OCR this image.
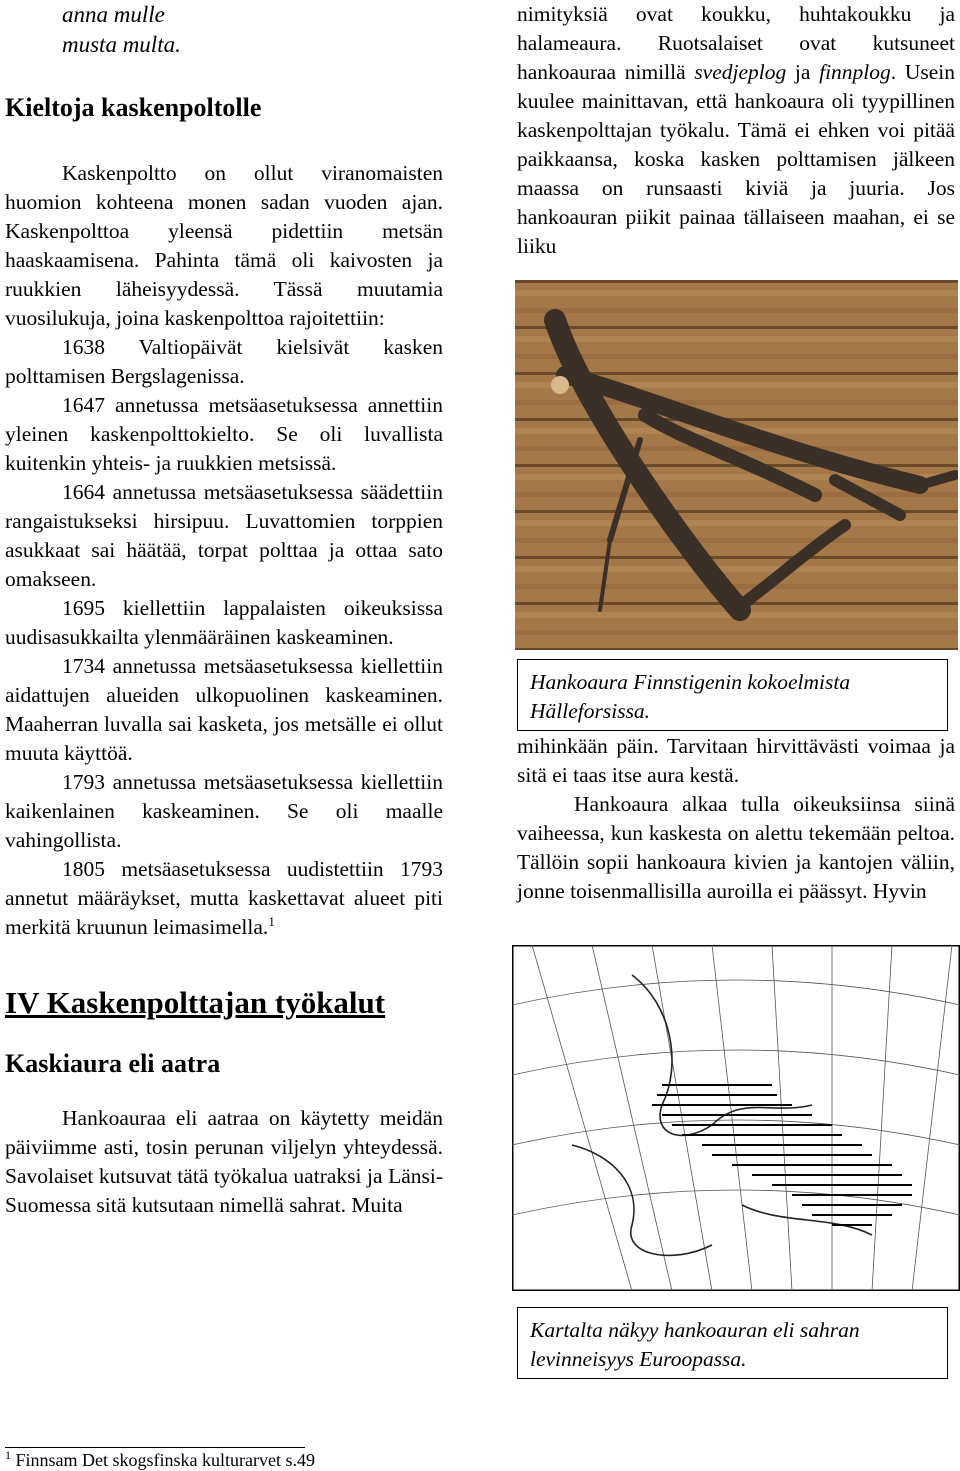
anna mulle

musta multa.

Kieltoja kaskenpoltolle

Kaskenpoltto on ollut viranomaisten huomion kohteena monen sadan vuoden ajan. Kaskenpolttoa yleensä pidettiin metsän haaskaamisena. Pahinta tämä oli kaivosten ja ruukkien läheisyydessä. Tässä muutamia vuosilukuja, joina kaskenpolttoa rajoitettiin:

1638 Valtiopäivät kielsivät kasken polttamisen Bergslagenissa.

1647 annetussa metsäasetuksessa annettiin yleinen kaskenpolttokielto. Se oli luvallista kuitenkin yhteis- ja ruukkien metsissä.

1664 annetussa metsäasetuksessa säädettiin rangaistukseksi hirsipuu. Luvattomien torppien asukkaat sai häätää, torpat polttaa ja ottaa sato omakseen.

1695 kiellettiin lappalaisten oikeuksissa uudisasukkailta ylenmääräinen kaskeaminen.

1734 annetussa metsäasetuksessa kiellettiin aidattujen alueiden ulkopuolinen kaskeaminen. Maaherran luvalla sai kasketa, jos metsälle ei ollut muuta käyttöä.

1793 annetussa metsäasetuksessa kiellettiin kaikenlainen kaskeaminen. Se oli maalle vahingollista.

1805 metsäasetuksessa uudistettiin 1793 annetut määräykset, mutta kaskettavat alueet piti merkitä kruunun leimasimella.$^1$

IV Kaskenpolttajan työkalut
Kaskiaura eli aatra

Hankoauraa eli aatraa on käytetty meidän päiviimme asti, tosin perunan viljelyn yhteydessä. Savolaiset kutsuvat tätä työkalua uatraksi ja Länsi-Suomessa sitä kutsutaan nimellä sahrat. Muita

nimityksiä ovat koukku, huhtakoukku ja halameaura. Ruotsalaiset ovat kutsuneet hankoauraa nimillä svedjeplog ja finnplog. Usein kuulee mainittavan, että hankoaura oli tyypillinen kaskenpolttajan työkalu. Tämä ei ehken voi pitää paikkaansa, koska kasken polttamisen jälkeen maassa on runsaasti kiviä ja juuria. Jos hankoauran piikit painaa tällaiseen maahan, ei se liiku

Hankoaura Finnstigenin kokoelmista Hälleforsissa.

mihinkään päin. Tarvitaan hirvittävästi voimaa ja sitä ei taas itse aura kestä.

Hankoaura alkaa tulla oikeuksiinsa siinä vaiheessa, kun kaskesta on alettu tekemään peltoa. Tällöin sopii hankoaura kivien ja kantojen väliin, jonne toisenmallisilla auroilla ei päässyt. Hyvin

Kartalta näkyy hankoauran eli sahran levinneisyys Euroopassa.
$^1$ Finnsam Det skogsfinska kulturarvet s.49
